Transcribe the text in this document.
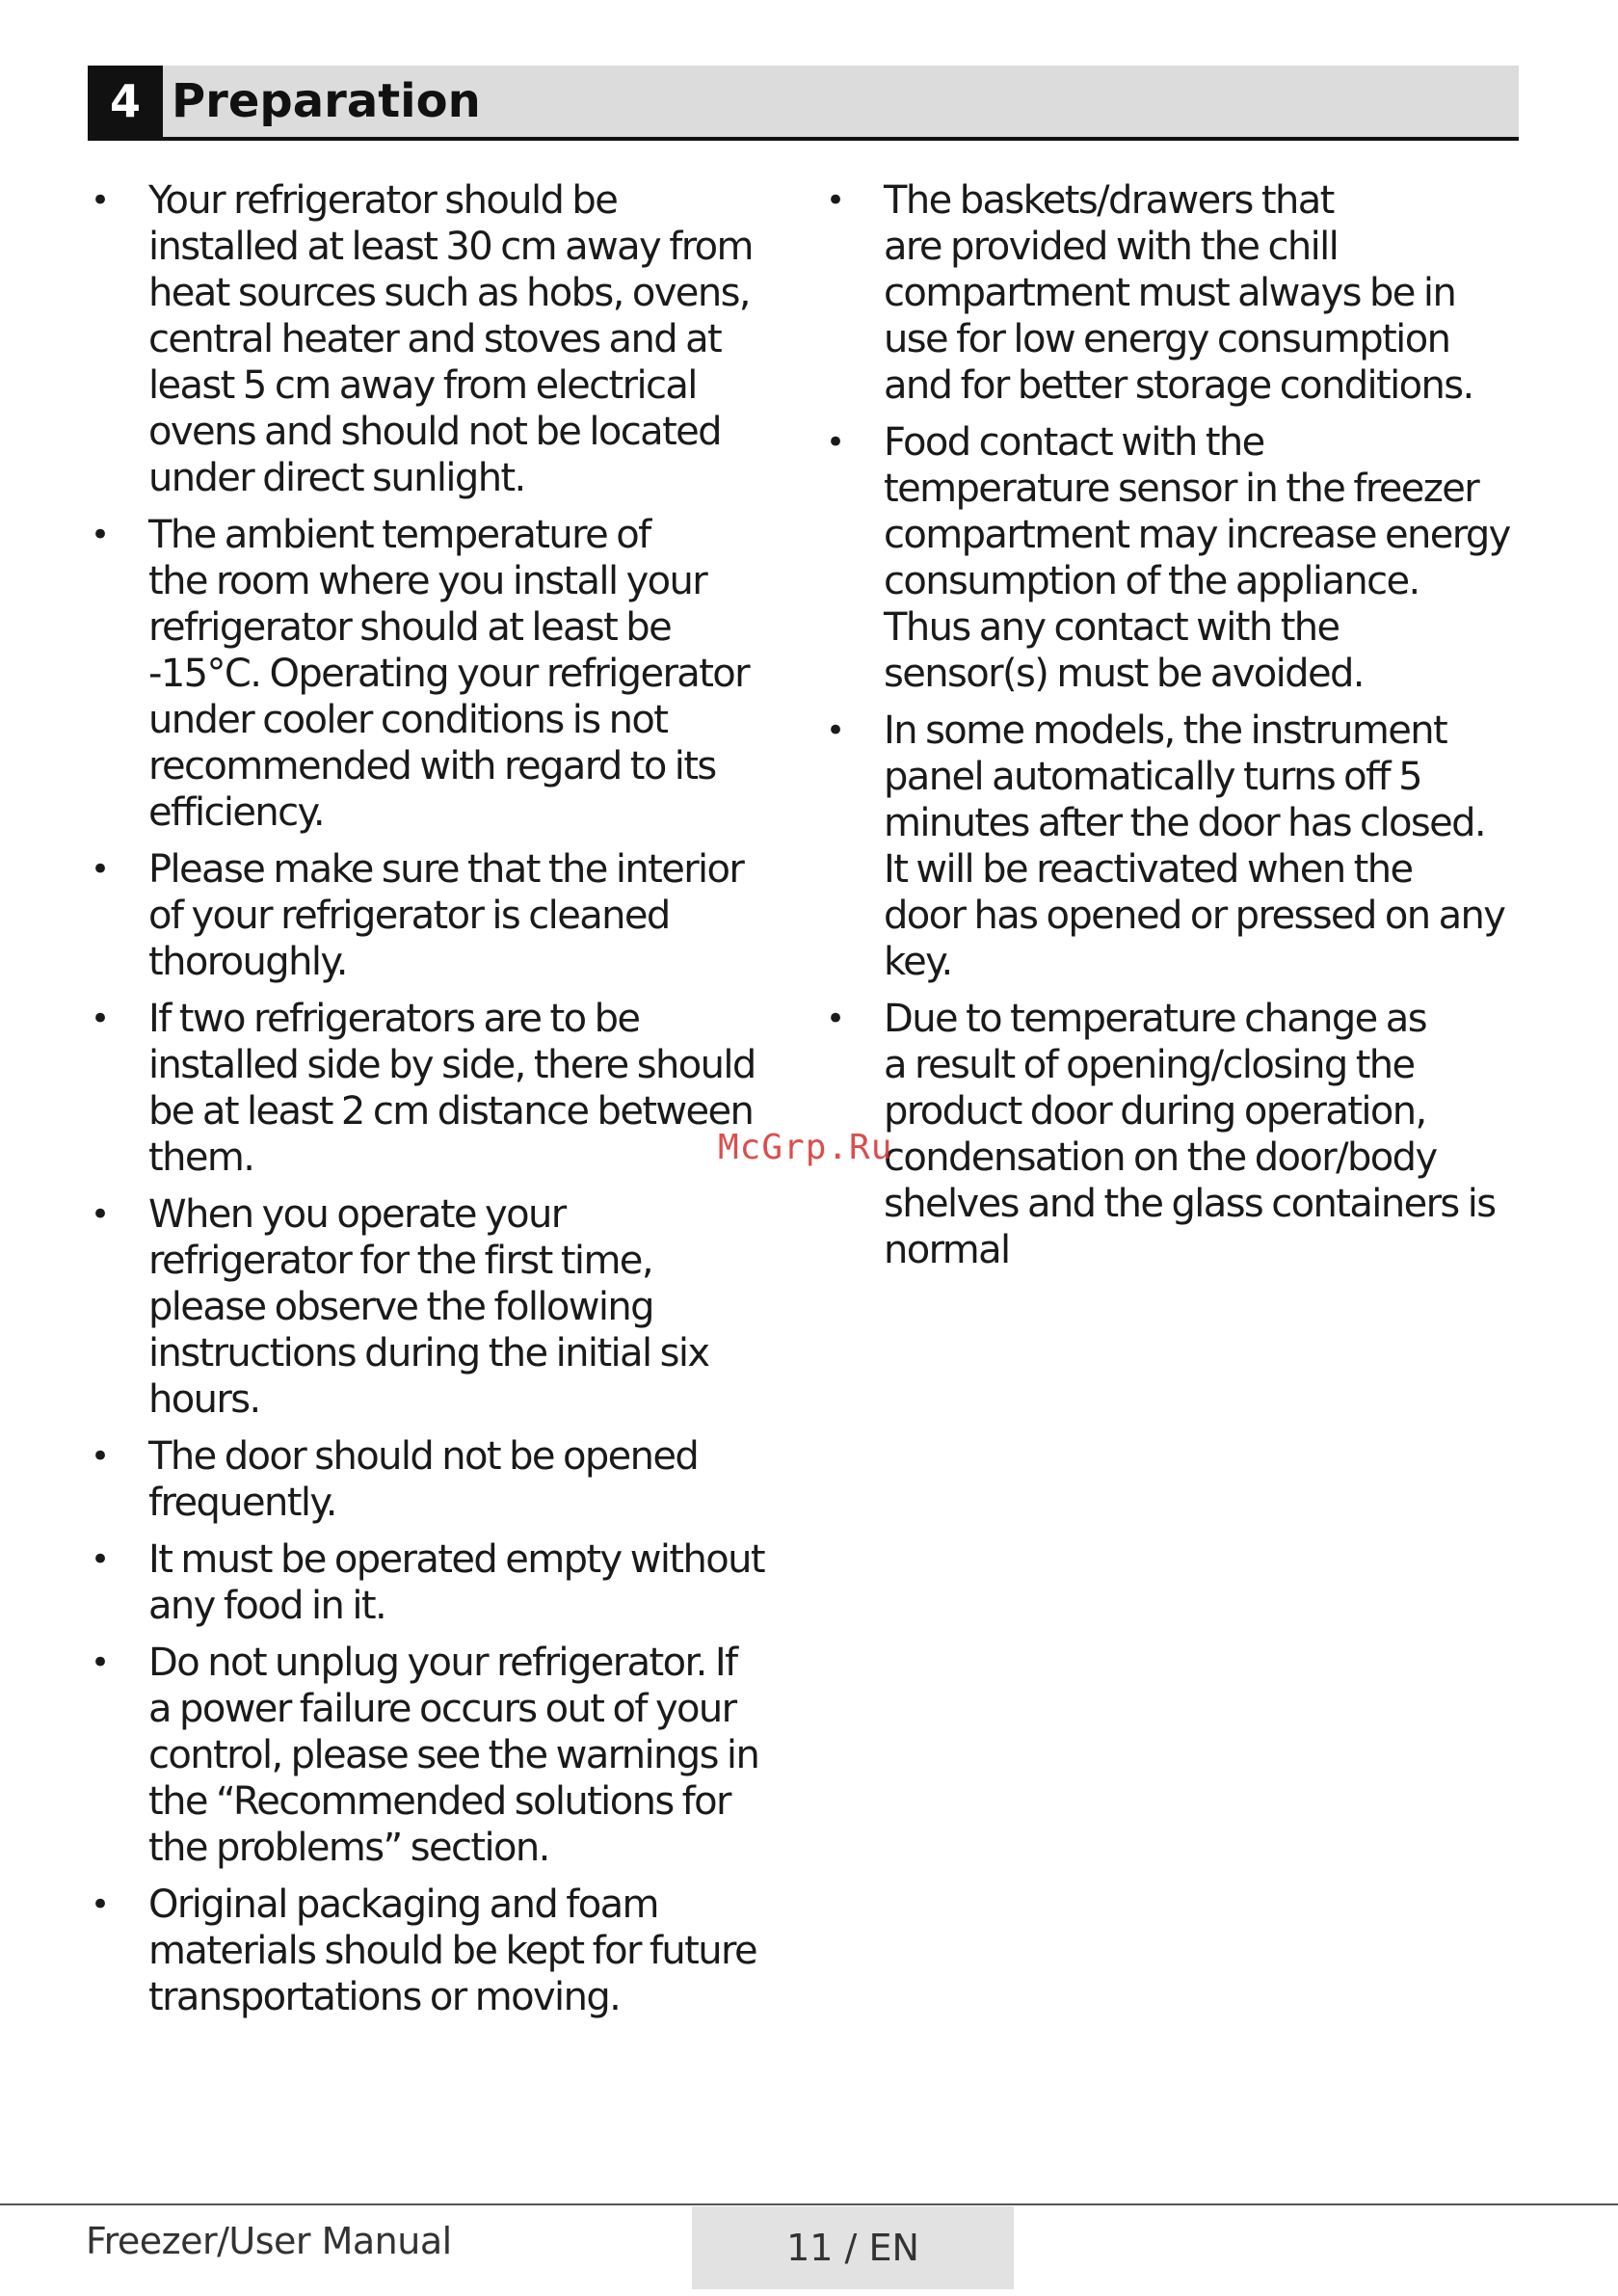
4 Preparation
• Your refrigerator should be
installed at least 30 cm away from
heat sources such as hobs, ovens,
central heater and stoves and at
least 5 cm away from electrical
ovens and should not be located
under direct sunlight.
• The ambient temperature of
the room where you install your
refrigerator should at least be
-15°C. Operating your refrigerator
under cooler conditions is not
recommended with regard to its
efficiency.
• Please make sure that the interior
of your refrigerator is cleaned
thoroughly.
• If two refrigerators are to be
installed side by side, there should
be at least 2 cm distance between
them.
• When you operate your
refrigerator for the first time,
please observe the following
instructions during the initial six
hours.
• The door should not be opened
frequently.
• It must be operated empty without
any food in it.
• Do not unplug your refrigerator. If
a power failure occurs out of your
control, please see the warnings in
the “Recommended solutions for
the problems” section.
• Original packaging and foam
materials should be kept for future
transportations or moving.
• The baskets/drawers that
are provided with the chill
compartment must always be in
use for low energy consumption
and for better storage conditions.
• Food contact with the
temperature sensor in the freezer
compartment may increase energy
consumption of the appliance.
Thus any contact with the
sensor(s) must be avoided.
• In some models, the instrument
panel automatically turns off 5
minutes after the door has closed.
It will be reactivated when the
door has opened or pressed on any
key.
• Due to temperature change as
a result of opening/closing the
product door during operation,
condensation on the door/body
shelves and the glass containers is
normal
McGrp.Ru
Freezer/User Manual	11 / EN
